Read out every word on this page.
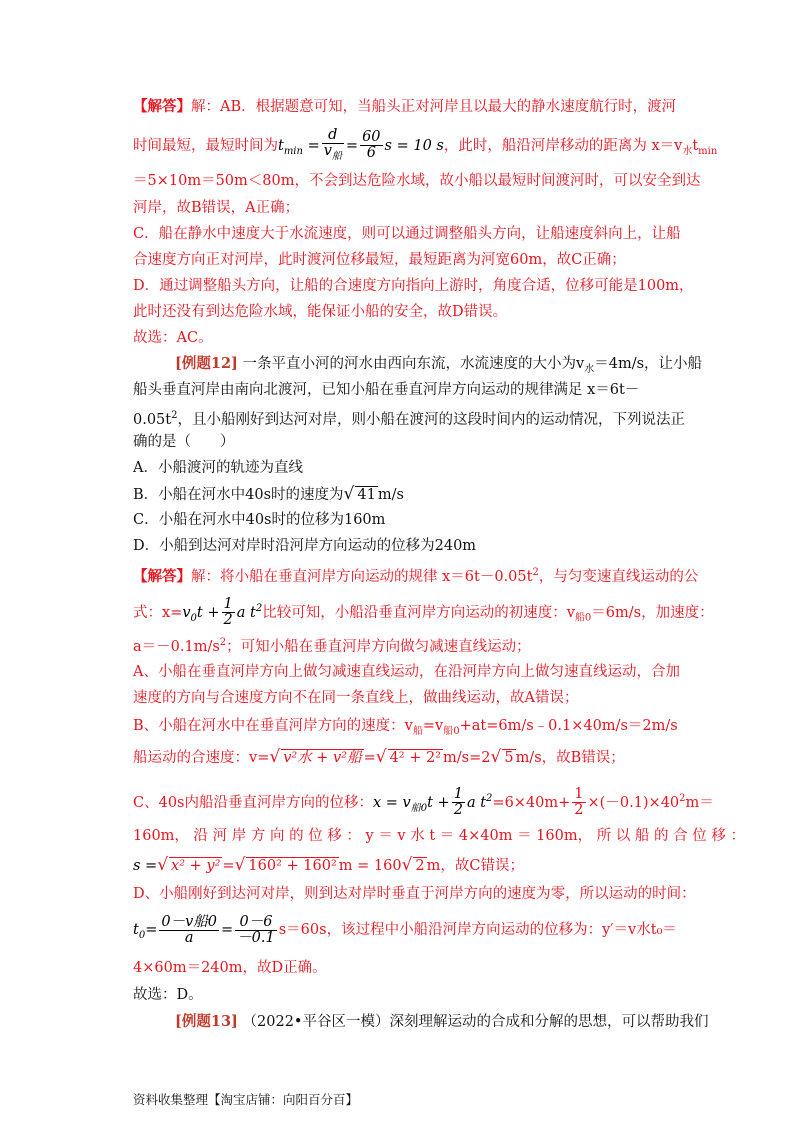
【解答】解：AB．根据题意可知，当船头正对河岸且以最大的静水速度航行时，渡河
时间最短，最短时间为$t_{min} = \frac{d}{v_船} = \frac{60}{6}$ s = 10 s，此时，船沿河岸移动的距离为 $x=v_水t_{min}$
＝5×10m＝50m＜80m，不会到达危险水域，故小船以最短时间渡河时，可以安全到达
河岸，故B错误，A正确；
C．船在静水中速度大于水流速度，则可以通过调整船头方向，让船速度斜向上，让船
合速度方向正对河岸，此时渡河位移最短，最短距离为河宽60m，故C正确；
D．通过调整船头方向，让船的合速度方向指向上游时，角度合适，位移可能是100m，
此时还没有到达危险水域，能保证小船的安全，故D错误。
故选：AC。
[例题12] 一条平直小河的河水由西向东流，水流速度的大小为$v_水=4m/s$，让小船
船头垂直河岸由南向北渡河，已知小船在垂直河岸方向运动的规律满足 x＝6t－
$0.05t^2$，且小船刚好到达河对岸，则小船在渡河的这段时间内的运动情况，下列说法正
确的是（　　）
A．小船渡河的轨迹为直线
B．小船在河水中40s时的速度为√ 41 m/s
C．小船在河水中40s时的位移为160m
D．小船到达河对岸时沿河岸方向运动的位移为240m
【解答】解：将小船在垂直河岸方向运动的规律 $x=6t-0.05t^2$，与匀变速直线运动的公
式：$x=v_0t + \frac{1}{2}$ a $t^2$比较可知，小船沿垂直河岸方向运动的初速度：$v_{船0}=6m/s$，加速度：
$a=-0.1m/s^2$；可知小船在垂直河岸方向做匀减速直线运动；
A、小船在垂直河岸方向上做匀减速直线运动，在沿河岸方向上做匀速直线运动，合加
速度的方向与合速度方向不在同一条直线上，做曲线运动，故A错误；
B、小船在河水中在垂直河岸方向的速度：$v_船=v_{船0}+at=6m/s﹣0.1\times 40m/s=2m/s$
船运动的合速度：v=√ v²水 + v²船 =√ 4² + 2² m/s=2√ 5 m/s，故B错误；
C、40s内船沿垂直河岸方向的位移：$x = v_{船0}t + \frac{1}{2}$ a $t^2=6\times 40m+ \frac{1}{2} \times(-0.1)\times 40^2m=$
160m， 沿 河 岸 方 向 的 位 移 ： y ＝ v 水 t ＝ 4×40m ＝ 160m， 所 以 船 的 合 位 移 ：
s =√ x² + y² =√ 160² + 160² m = 160√ 2 m，故C错误；
D、小船刚好到达河对岸，则到达对岸时垂直于河岸方向的速度为零，所以运动的时间：
$t_0= \frac{\text{0－v船0}}{a} = \frac{0-6}{-0.1} s=60s$，该过程中小船沿河岸方向运动的位移为：y′＝v水t₀＝
4×60m＝240m，故D正确。
故选：D。
[例题13] （2022•平谷区一模）深刻理解运动的合成和分解的思想，可以帮助我们
资料收集整理【淘宝店铺：向阳百分百】
